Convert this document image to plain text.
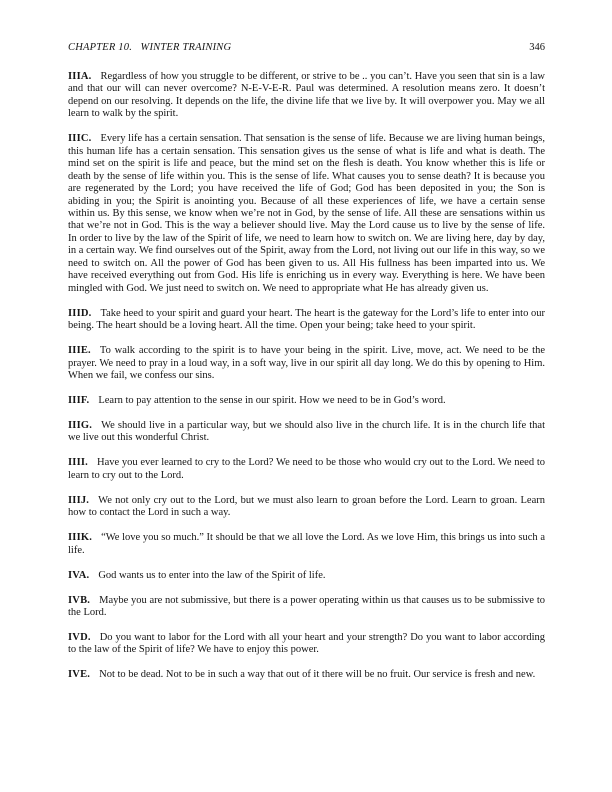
CHAPTER 10.   WINTER TRAINING	346

IIIA. Regardless of how you struggle to be different, or strive to be .. you can’t. Have you seen that sin is a law and that our will can never overcome? N-E-V-E-R. Paul was determined. A resolution means zero. It doesn’t depend on our resolving. It depends on the life, the divine life that we live by. It will overpower you. May we all learn to walk by the spirit.

IIIC. Every life has a certain sensation. That sensation is the sense of life. Because we are living human beings, this human life has a certain sensation. This sensation gives us the sense of what is life and what is death. The mind set on the spirit is life and peace, but the mind set on the flesh is death. You know whether this is life or death by the sense of life within you. This is the sense of life. What causes you to sense death? It is because you are regenerated by the Lord; you have received the life of God; God has been deposited in you; the Son is abiding in you; the Spirit is anointing you. Because of all these experiences of life, we have a certain sense within us. By this sense, we know when we’re not in God, by the sense of life. All these are sensations within us that we’re not in God. This is the way a believer should live. May the Lord cause us to live by the sense of life. In order to live by the law of the Spirit of life, we need to learn how to switch on. We are living here, day by day, in a certain way. We find ourselves out of the Spirit, away from the Lord, not living out our life in this way, so we need to switch on. All the power of God has been given to us. All His fullness has been imparted into us. We have received everything out from God. His life is enriching us in every way. Everything is here. We have been mingled with God. We just need to switch on. We need to appropriate what He has already given us.

IIID. Take heed to your spirit and guard your heart. The heart is the gateway for the Lord’s life to enter into our being. The heart should be a loving heart. All the time. Open your being; take heed to your spirit.

IIIE. To walk according to the spirit is to have your being in the spirit. Live, move, act. We need to be the prayer. We need to pray in a loud way, in a soft way, live in our spirit all day long. We do this by opening to Him. When we fail, we confess our sins.

IIIF. Learn to pay attention to the sense in our spirit. How we need to be in God’s word.

IIIG. We should live in a particular way, but we should also live in the church life. It is in the church life that we live out this wonderful Christ.

IIII. Have you ever learned to cry to the Lord? We need to be those who would cry out to the Lord. We need to learn to cry out to the Lord.

IIIJ. We not only cry out to the Lord, but we must also learn to groan before the Lord. Learn to groan. Learn how to contact the Lord in such a way.

IIIK. “We love you so much.” It should be that we all love the Lord. As we love Him, this brings us into such a life.

IVA. God wants us to enter into the law of the Spirit of life.

IVB. Maybe you are not submissive, but there is a power operating within us that causes us to be submissive to the Lord.

IVD. Do you want to labor for the Lord with all your heart and your strength? Do you want to labor according to the law of the Spirit of life? We have to enjoy this power.

IVE. Not to be dead. Not to be in such a way that out of it there will be no fruit. Our service is fresh and new.
